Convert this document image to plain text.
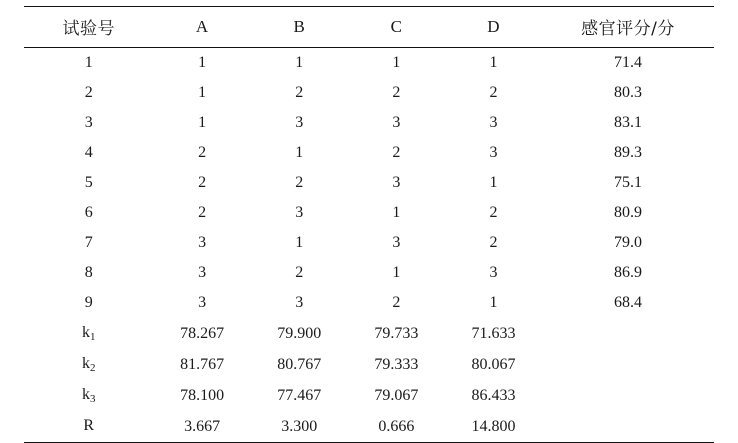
试验号	A	B	C	D	感官评分/分
1	1	1	1	1	71.4
2	1	2	2	2	80.3
3	1	3	3	3	83.1
4	2	1	2	3	89.3
5	2	2	3	1	75.1
6	2	3	1	2	80.9
7	3	1	3	2	79.0
8	3	2	1	3	86.9
9	3	3	2	1	68.4
$k_1$	78.267	79.900	79.733	71.633	
$k_2$	81.767	80.767	79.333	80.067	
$k_3$	78.100	77.467	79.067	86.433	
R	3.667	3.300	0.666	14.800	
